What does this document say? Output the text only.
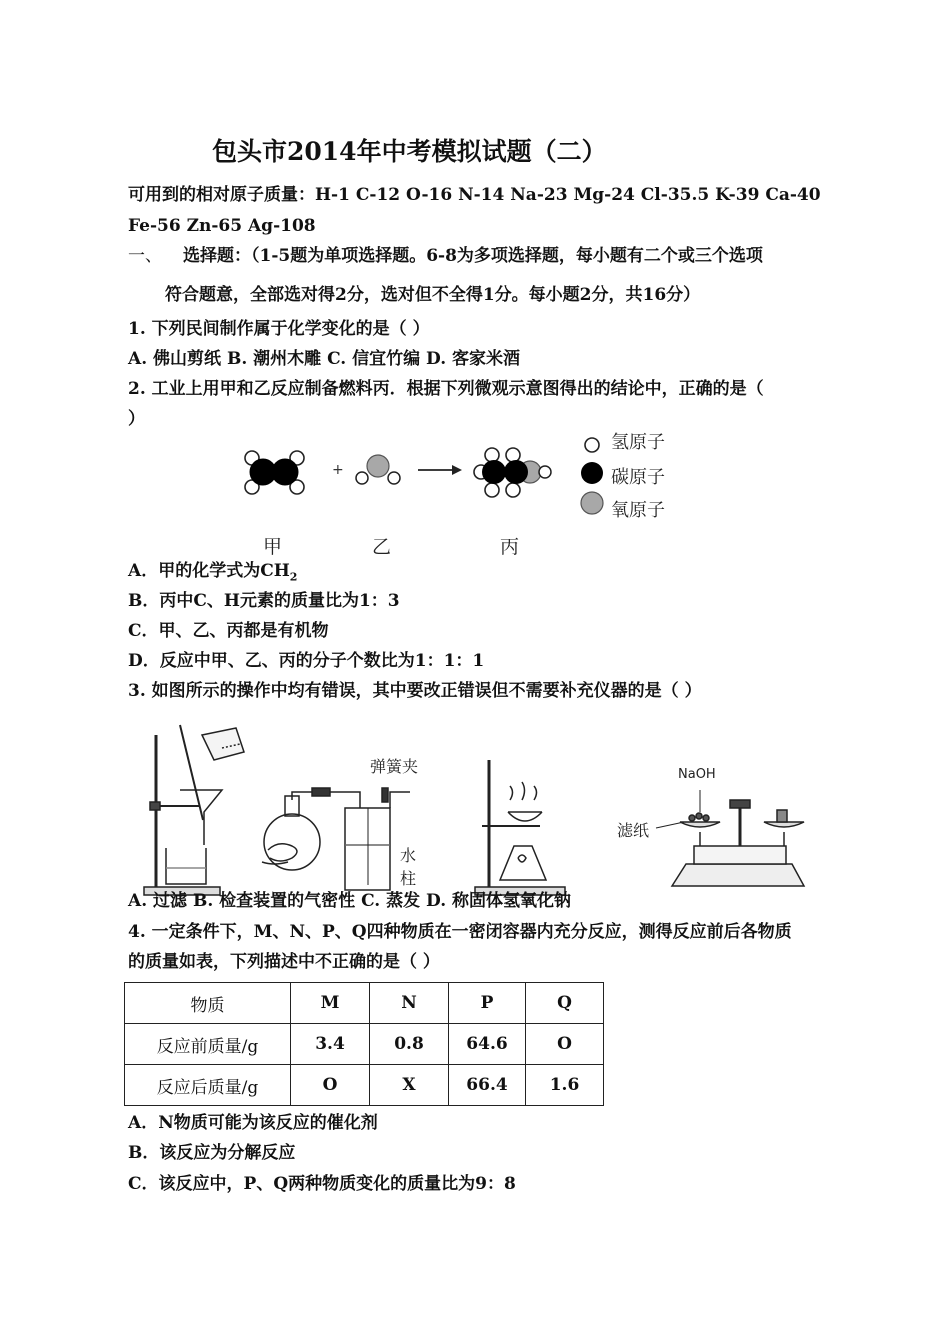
包头市2014年中考模拟试题（二）
可用到的相对原子质量：H-1 C-12 O-16 N-14 Na-23 Mg-24 Cl-35.5 K-39 Ca-40
Fe-56 Zn-65 Ag-108
一、 选择题：（1-5题为单项选择题。6-8为多项选择题，每小题有二个或三个选项
符合题意，全部选对得2分，选对但不全得1分。每小题2分，共16分）
1. 下列民间制作属于化学变化的是（ ）
A. 佛山剪纸 B. 潮州木雕 C. 信宜竹编 D. 客家米酒
2. 工业上用甲和乙反应制备燃料丙．根据下列微观示意图得出的结论中，正确的是（
）
+
氢原子
碳原子
氧原子
甲	乙	丙
A．甲的化学式为$CH_2$
B．丙中C、H元素的质量比为1：3
C．甲、乙、丙都是有机物
D．反应中甲、乙、丙的分子个数比为1：1：1
3. 如图所示的操作中均有错误，其中要改正错误但不需要补充仪器的是（ ）
弹簧夹
水
柱
NaOH
滤纸
A. 过滤 B. 检查装置的气密性 C. 蒸发 D. 称固体氢氧化钠
4. 一定条件下，M、N、P、Q四种物质在一密闭容器内充分反应，测得反应前后各物质
的质量如表，下列描述中不正确的是（ ）
物质	M	N	P	Q
反应前质量/g	3.4	0.8	64.6	O
反应后质量/g	O	X	66.4	1.6
A．N物质可能为该反应的催化剂
B．该反应为分解反应
C．该反应中，P、Q两种物质变化的质量比为9：8
